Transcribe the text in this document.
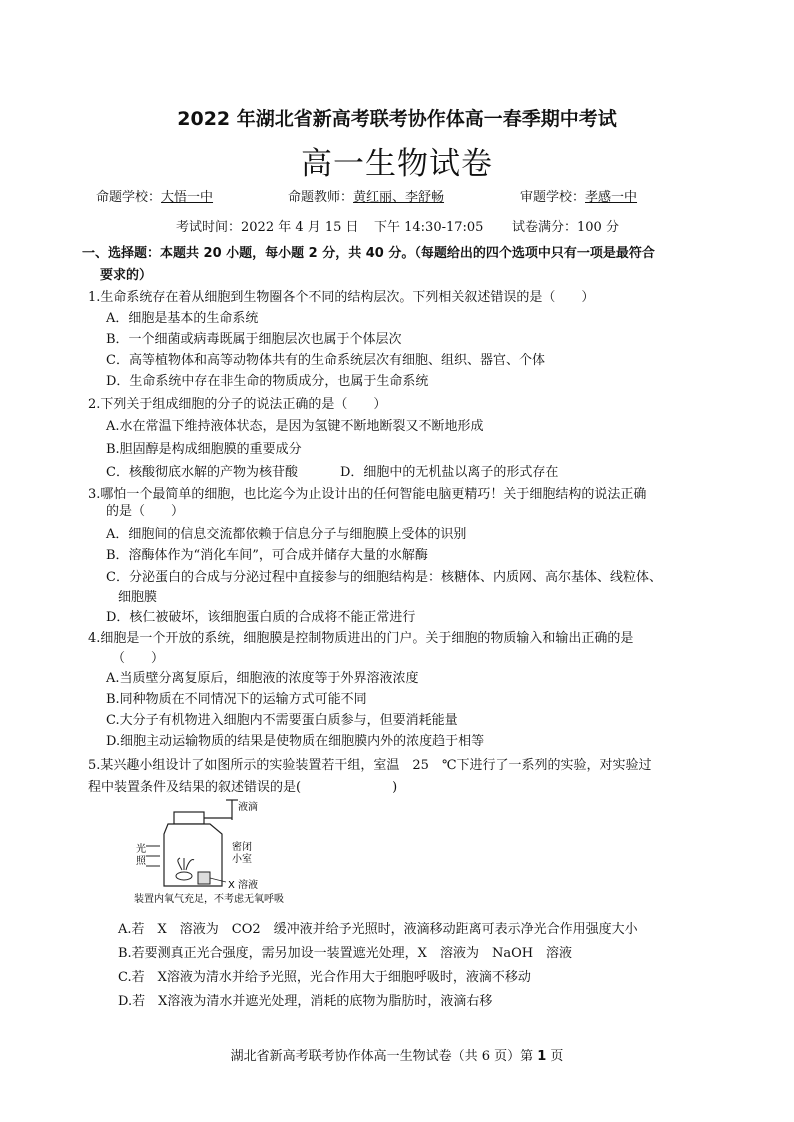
2022 年湖北省新高考联考协作体高一春季期中考试
高一生物试卷
命题学校：大悟一中	命题教师：黄红丽、李舒畅	审题学校：孝感一中
考试时间：2022 年 4 月 15 日 下午 14:30-17:05 试卷满分：100 分
一、选择题：本题共 20 小题，每小题 2 分，共 40 分。（每题给出的四个选项中只有一项是最符合
要求的）
1.生命系统存在着从细胞到生物圈各个不同的结构层次。下列相关叙述错误的是（　　）
A．细胞是基本的生命系统
B．一个细菌或病毒既属于细胞层次也属于个体层次
C．高等植物体和高等动物体共有的生命系统层次有细胞、组织、器官、个体
D．生命系统中存在非生命的物质成分，也属于生命系统
2.下列关于组成细胞的分子的说法正确的是（　　）
A.水在常温下维持液体状态，是因为氢键不断地断裂又不断地形成
B.胆固醇是构成细胞膜的重要成分
C．核酸彻底水解的产物为核苷酸	D．细胞中的无机盐以离子的形式存在
3.哪怕一个最简单的细胞，也比迄今为止设计出的任何智能电脑更精巧！关于细胞结构的说法正确
的是（　　）
A．细胞间的信息交流都依赖于信息分子与细胞膜上受体的识别
B．溶酶体作为“消化车间”，可合成并储存大量的水解酶
C．分泌蛋白的合成与分泌过程中直接参与的细胞结构是：核糖体、内质网、高尔基体、线粒体、
细胞膜
D．核仁被破坏，该细胞蛋白质的合成将不能正常进行
4.细胞是一个开放的系统，细胞膜是控制物质进出的门户。关于细胞的物质输入和输出正确的是
（　　）
A.当质壁分离复原后，细胞液的浓度等于外界溶液浓度
B.同种物质在不同情况下的运输方式可能不同
C.大分子有机物进入细胞内不需要蛋白质参与，但要消耗能量
D.细胞主动运输物质的结果是使物质在细胞膜内外的浓度趋于相等
5.某兴趣小组设计了如图所示的实验装置若干组，室温　25　℃下进行了一系列的实验，对实验过
程中装置条件及结果的叙述错误的是(　　　　　　　)
液滴
密闭
小室
光
照
X 溶液
装置内氧气充足，不考虑无氧呼吸
A.若　X　溶液为　CO2　缓冲液并给予光照时，液滴移动距离可表示净光合作用强度大小
B.若要测真正光合强度，需另加设一装置遮光处理，X　溶液为　NaOH　溶液
C.若　X溶液为清水并给予光照，光合作用大于细胞呼吸时，液滴不移动
D.若　X溶液为清水并遮光处理，消耗的底物为脂肪时，液滴右移
湖北省新高考联考协作体高一生物试卷（共 6 页）第 1 页
